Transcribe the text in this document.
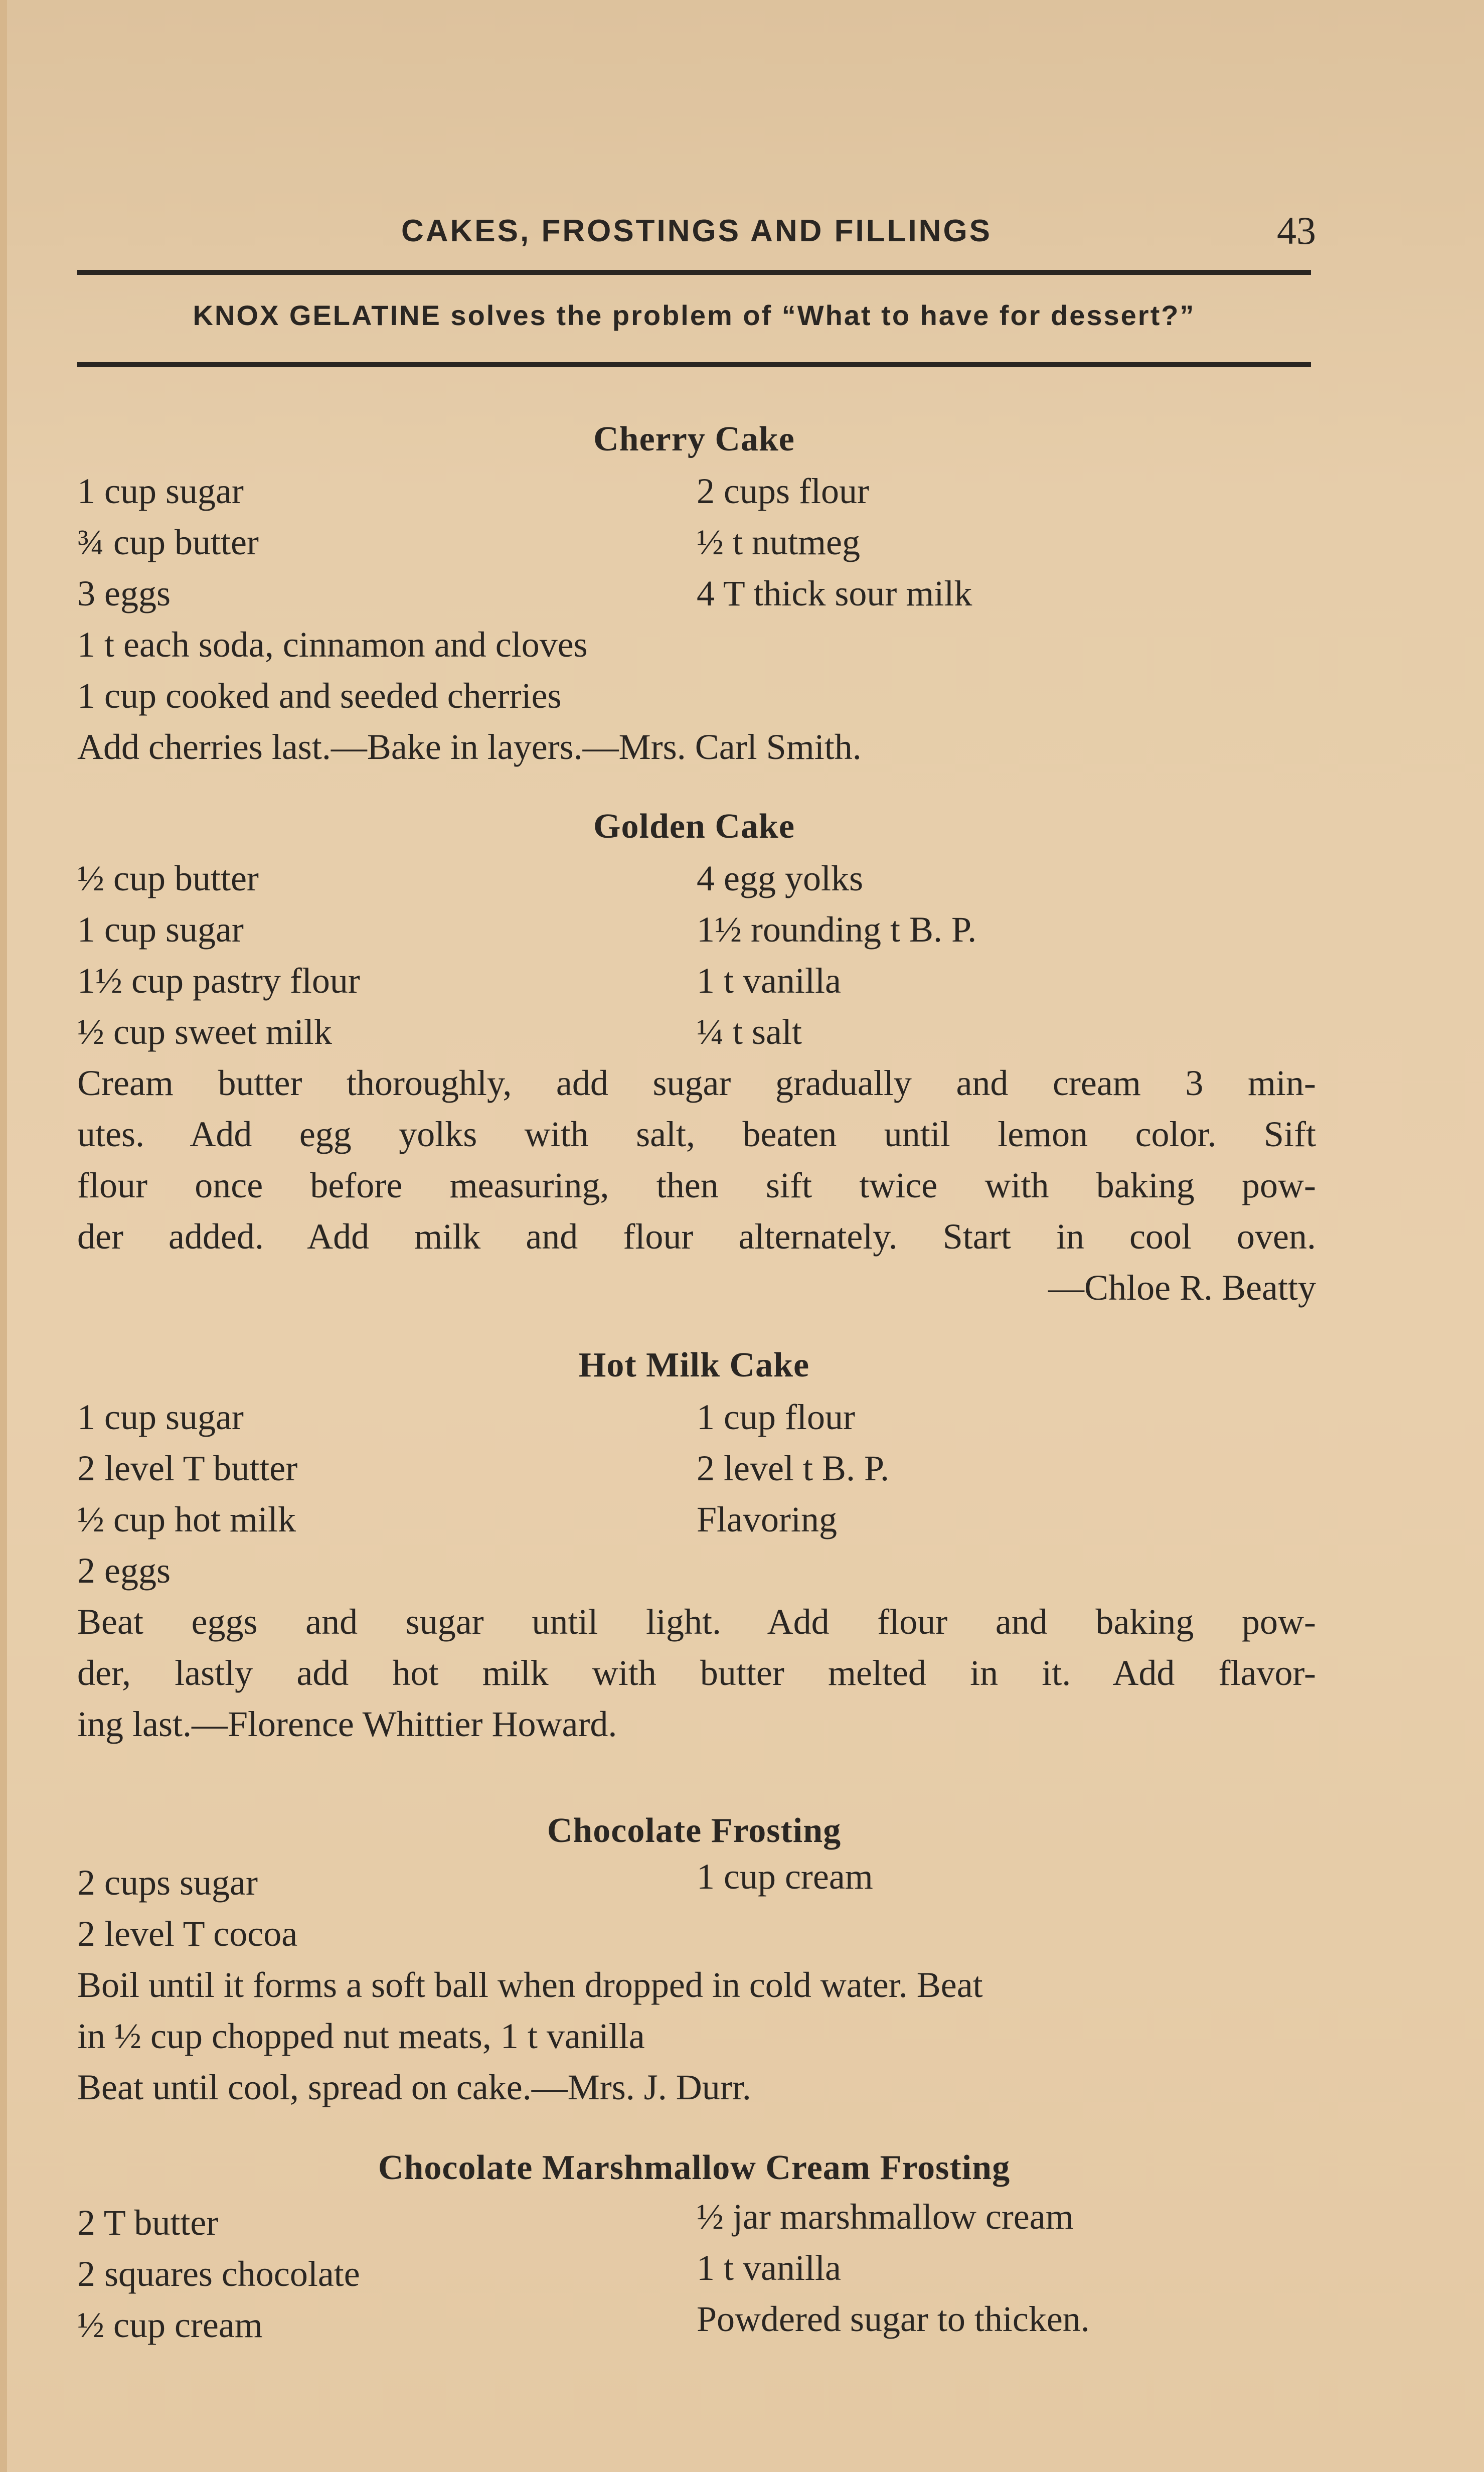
CAKES, FROSTINGS AND FILLINGS	43
KNOX GELATINE solves the problem of “What to have for dessert?”
Cherry Cake
1 cup sugar	2 cups flour
¾ cup butter	½ t nutmeg
3 eggs	4 T thick sour milk
1 t each soda, cinnamon and cloves
1 cup cooked and seeded cherries
Add cherries last.—Bake in layers.—Mrs. Carl Smith.
Golden Cake
½ cup butter	4 egg yolks
1 cup sugar	1½ rounding t B. P.
1½ cup pastry flour	1 t vanilla
½ cup sweet milk	¼ t salt
Cream butter thoroughly, add sugar gradually and cream 3 min-
utes. Add egg yolks with salt, beaten until lemon color. Sift
flour once before measuring, then sift twice with baking pow-
der added. Add milk and flour alternately. Start in cool oven.
—Chloe R. Beatty
Hot Milk Cake
1 cup sugar	1 cup flour
2 level T butter	2 level t B. P.
½ cup hot milk	Flavoring
2 eggs
Beat eggs and sugar until light. Add flour and baking pow-
der, lastly add hot milk with butter melted in it. Add flavor-
ing last.—Florence Whittier Howard.
Chocolate Frosting
2 cups sugar	1 cup cream
2 level T cocoa
Boil until it forms a soft ball when dropped in cold water. Beat
in ½ cup chopped nut meats, 1 t vanilla
Beat until cool, spread on cake.—Mrs. J. Durr.
Chocolate Marshmallow Cream Frosting
2 T butter	½ jar marshmallow cream
2 squares chocolate	1 t vanilla
½ cup cream	Powdered sugar to thicken.
